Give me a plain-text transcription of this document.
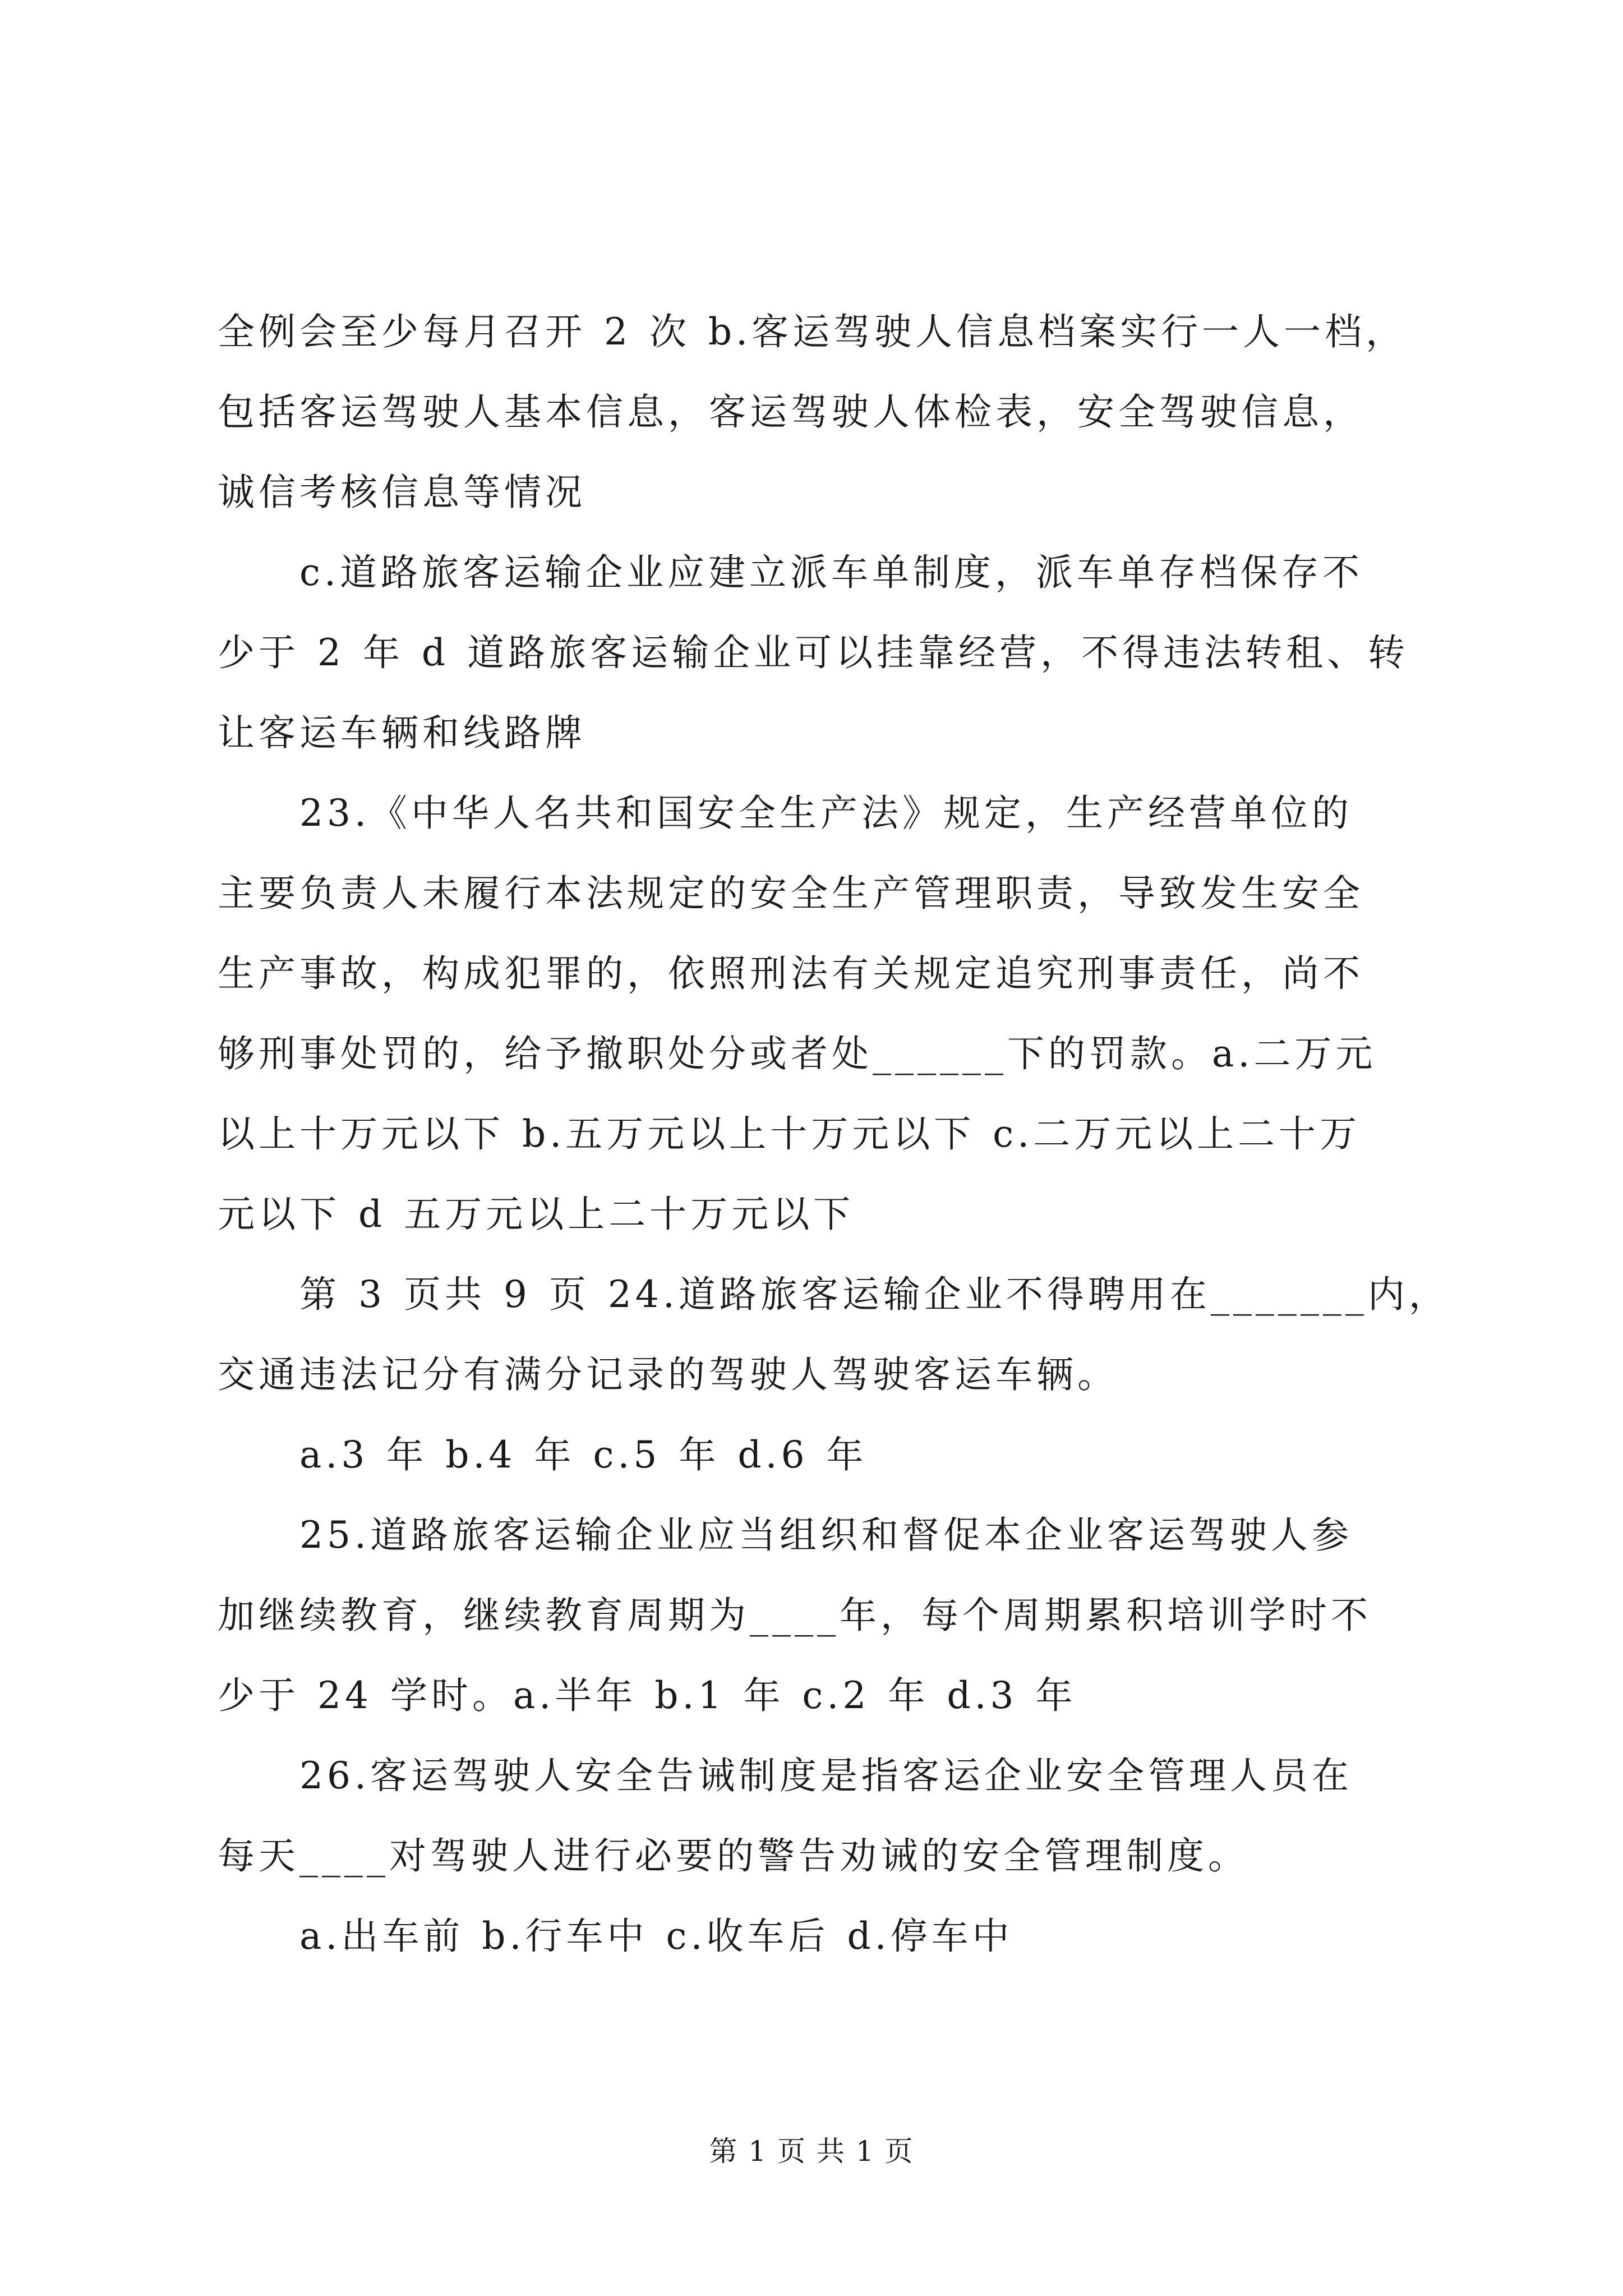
全例会至少每月召开 2 次 b.客运驾驶人信息档案实行一人一档，
包括客运驾驶人基本信息，客运驾驶人体检表，安全驾驶信息，
诚信考核信息等情况
c.道路旅客运输企业应建立派车单制度，派车单存档保存不
少于 2 年 d 道路旅客运输企业可以挂靠经营，不得违法转租、转
让客运车辆和线路牌
23.《中华人名共和国安全生产法》规定，生产经营单位的
主要负责人未履行本法规定的安全生产管理职责，导致发生安全
生产事故，构成犯罪的，依照刑法有关规定追究刑事责任，尚不
够刑事处罚的，给予撤职处分或者处______下的罚款。a.二万元
以上十万元以下 b.五万元以上十万元以下 c.二万元以上二十万
元以下 d 五万元以上二十万元以下
第 3 页共 9 页 24.道路旅客运输企业不得聘用在_______内，
交通违法记分有满分记录的驾驶人驾驶客运车辆。
a.3 年 b.4 年 c.5 年 d.6 年
25.道路旅客运输企业应当组织和督促本企业客运驾驶人参
加继续教育，继续教育周期为____年，每个周期累积培训学时不
少于 24 学时。a.半年 b.1 年 c.2 年 d.3 年
26.客运驾驶人安全告诫制度是指客运企业安全管理人员在
每天____对驾驶人进行必要的警告劝诫的安全管理制度。
a.出车前 b.行车中 c.收车后 d.停车中
第 1 页 共 1 页
